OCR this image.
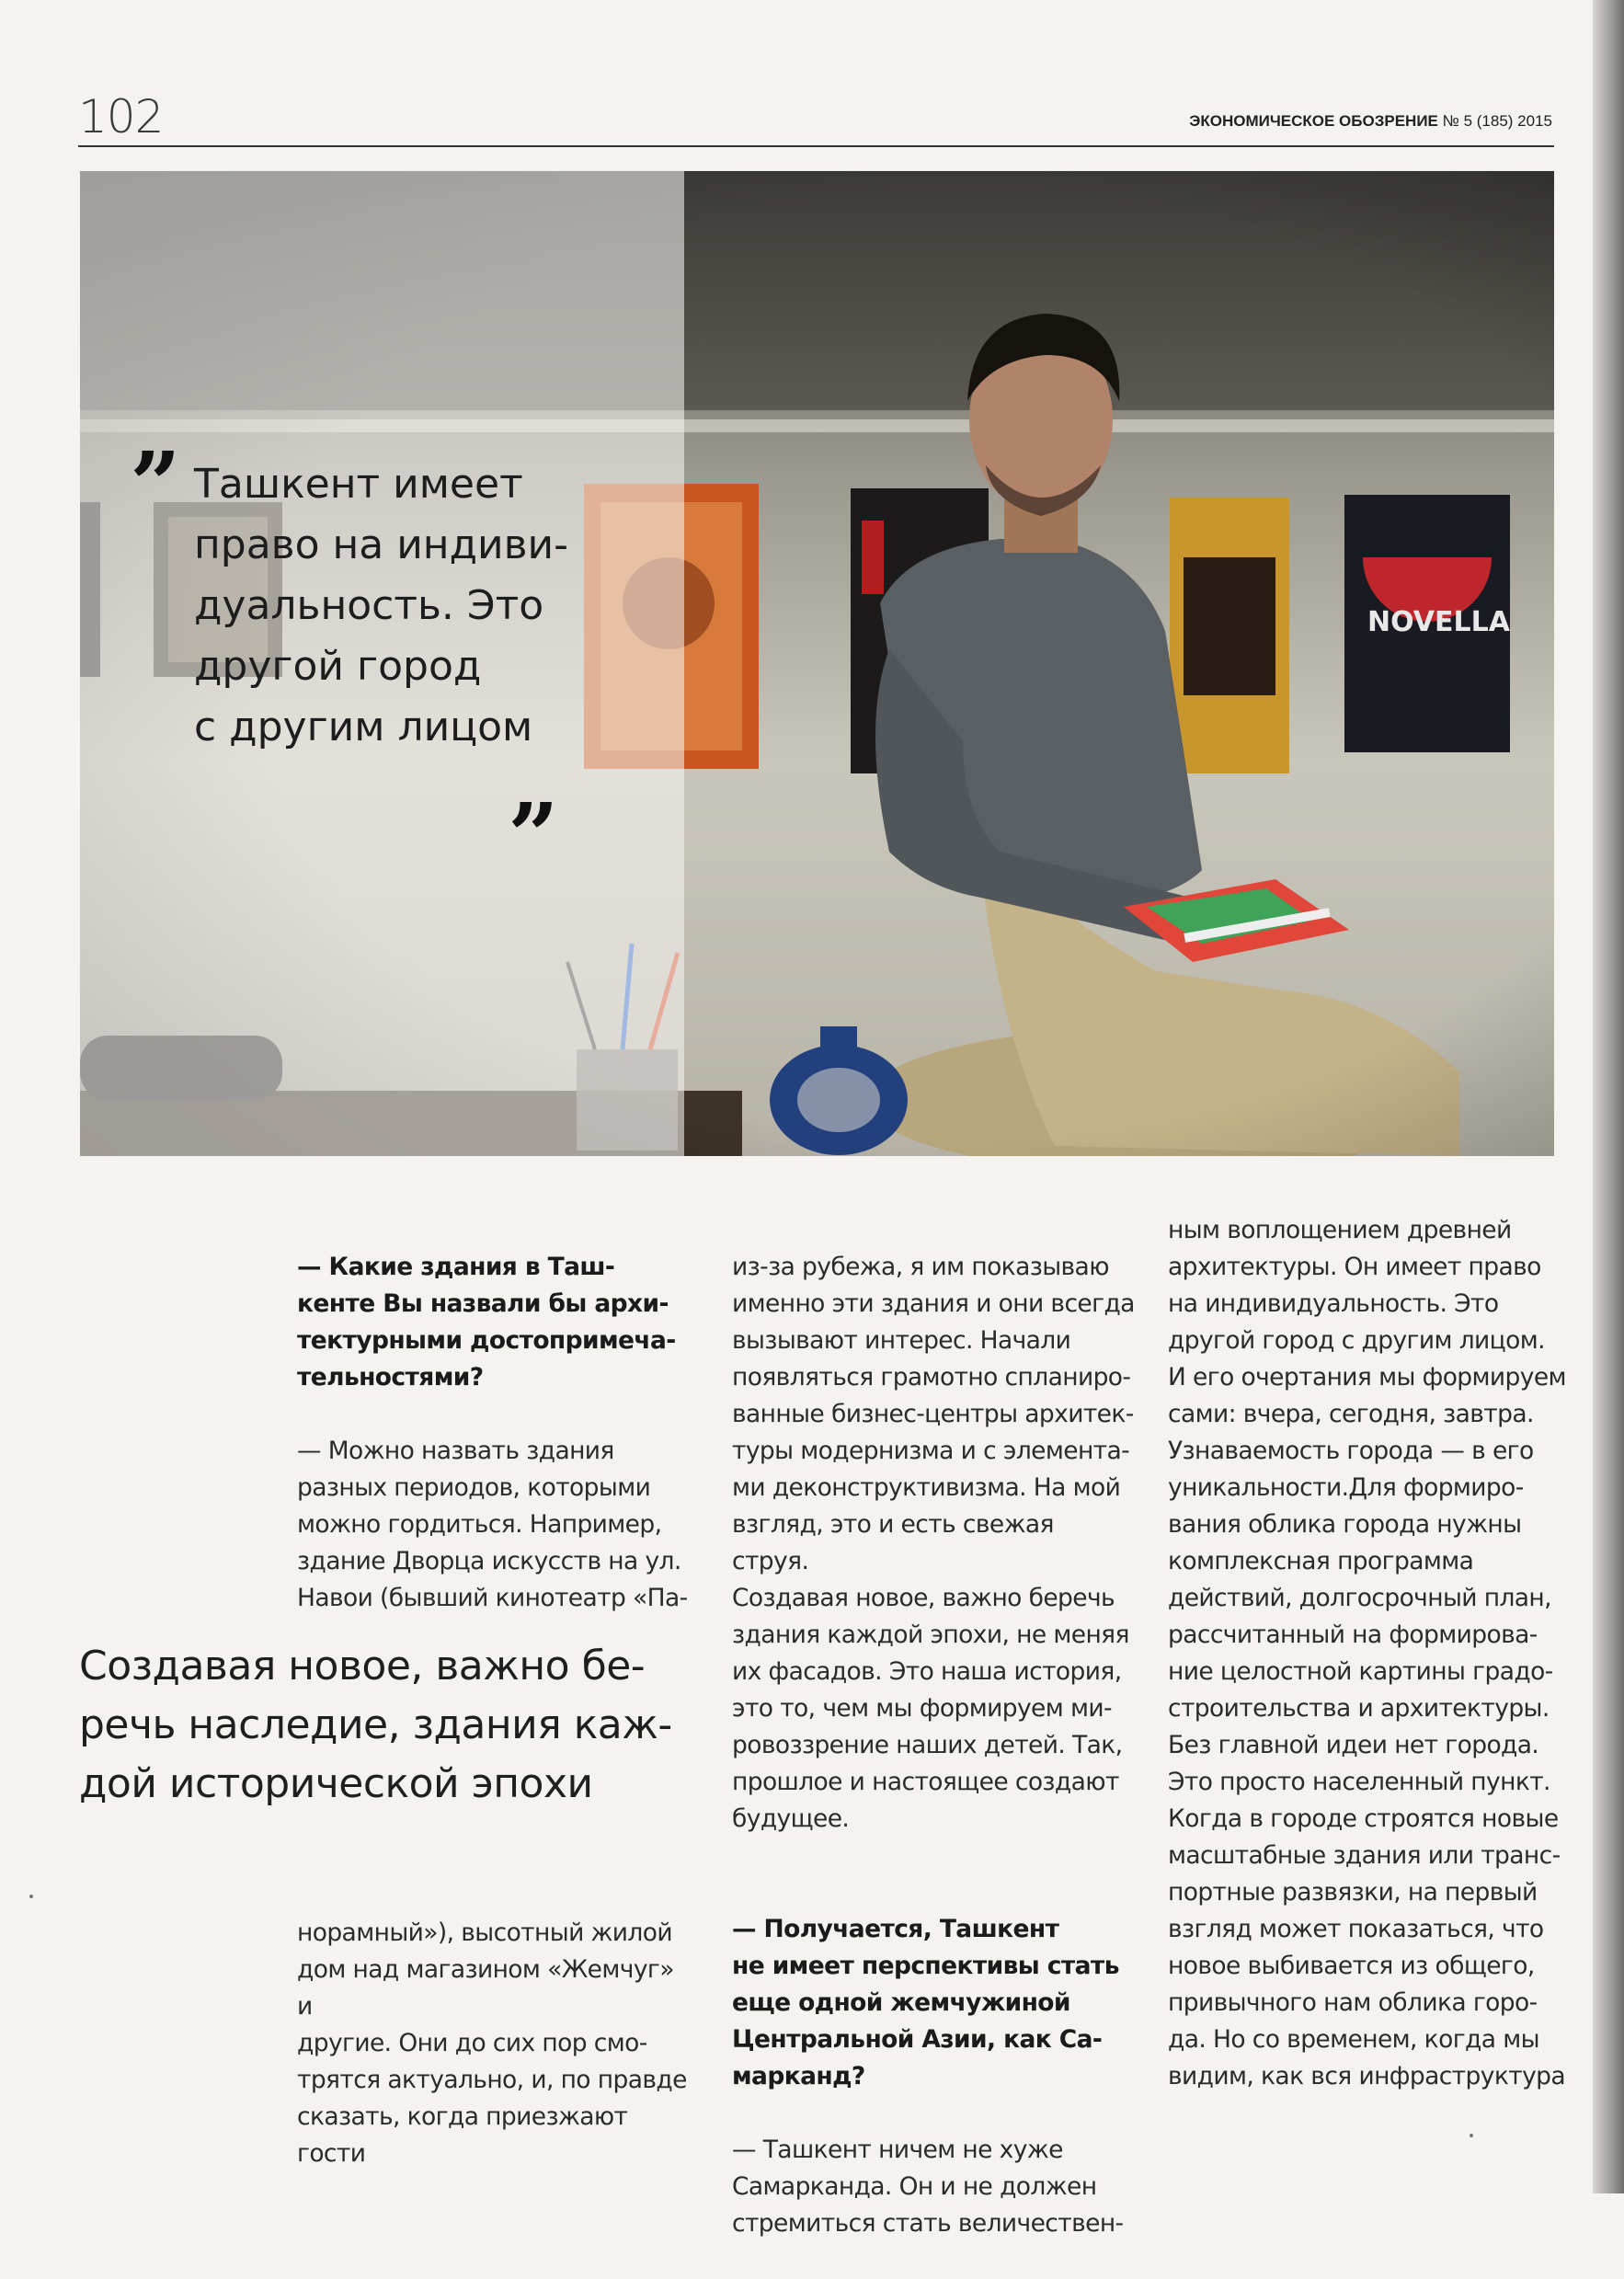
102	ЭКОНОМИЧЕСКОЕ ОБОЗРЕНИЕ № 5 (185) 2015
„ Ташкент имеет
право на индиви-
дуальность. Это
другой город
с другим лицом
„

— Какие здания в Таш-
кенте Вы назвали бы архи-
тектурными достопримеча-
тельностями?

— Можно назвать здания
разных периодов, которыми
можно гордиться. Например,
здание Дворца искусств на ул.
Навои (бывший кинотеатр «Па-

Создавая новое, важно бе-
речь наследие, здания каж-
дой исторической эпохи
норамный»), высотный жилой
дом над магазином «Жемчуг» и
другие. Они до сих пор смо-
трятся актуально, и, по правде
сказать, когда приезжают гости

из-за рубежа, я им показываю
именно эти здания и они всегда
вызывают интерес. Начали
появляться грамотно спланиро-
ванные бизнес-центры архитек-
туры модернизма и с элемента-
ми деконструктивизма. На мой
взгляд, это и есть свежая струя.
Создавая новое, важно беречь
здания каждой эпохи, не меняя
их фасадов. Это наша история,
это то, чем мы формируем ми-
ровоззрение наших детей. Так,
прошлое и настоящее создают
будущее.

— Получается, Ташкент
не имеет перспективы стать
еще одной жемчужиной
Центральной Азии, как Са-
марканд?

— Ташкент ничем не хуже
Самарканда. Он и не должен
стремиться стать величествен-

ным воплощением древней
архитектуры. Он имеет право
на индивидуальность. Это
другой город с другим лицом.
И его очертания мы формируем
сами: вчера, сегодня, завтра.
Узнаваемость города — в его
уникальности.Для формиро-
вания облика города нужны
комплексная программа
действий, долгосрочный план,
рассчитанный на формирова-
ние целостной картины градо-
строительства и архитектуры.
Без главной идеи нет города.
Это просто населенный пункт.
Когда в городе строятся новые
масштабные здания или транс-
портные развязки, на первый
взгляд может показаться, что
новое выбивается из общего,
привычного нам облика горо-
да. Но со временем, когда мы
видим, как вся инфраструктура
